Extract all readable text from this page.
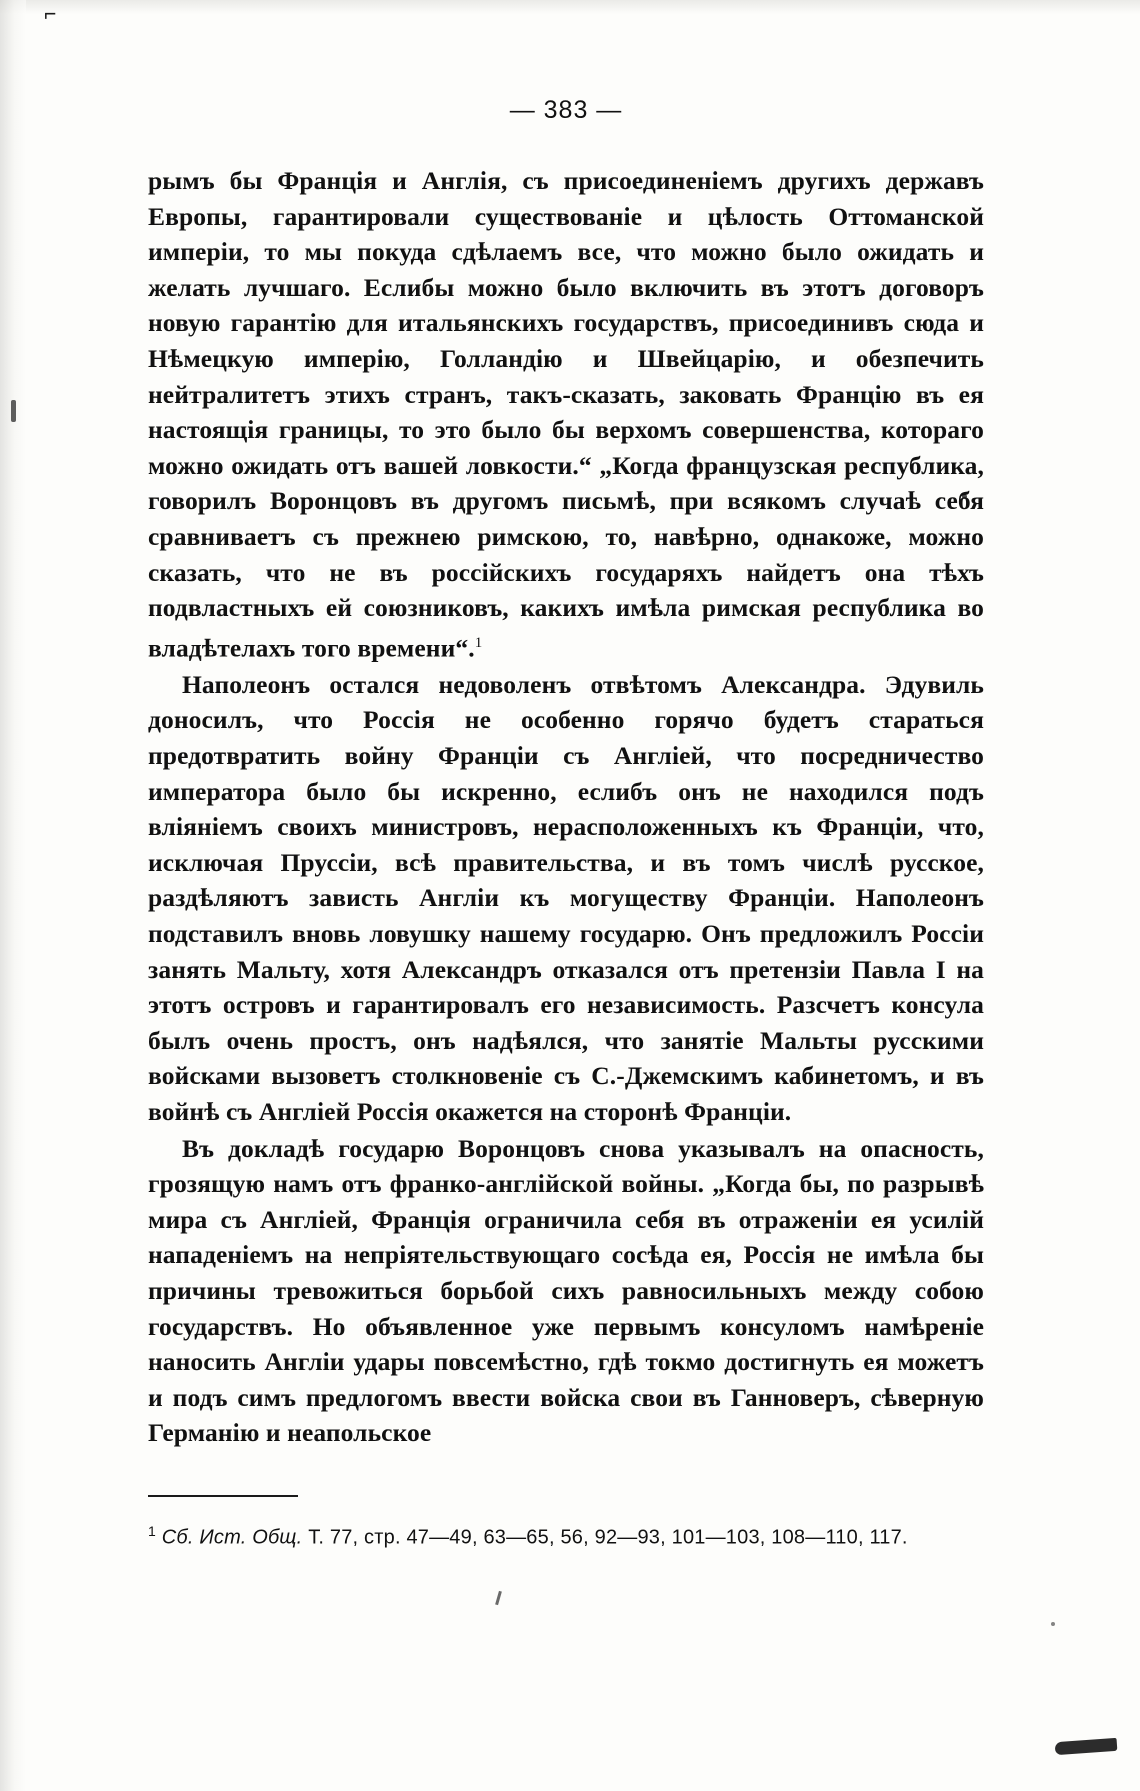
⌐
— 383 —

рымъ бы Франція и Англія, съ присоединеніемъ другихъ державъ Европы, гарантировали существованіе и цѣлость Оттоманской имперіи, то мы покуда сдѣлаемъ все, что можно было ожидать и желать лучшаго. Еслибы можно было включить въ этотъ договоръ новую гарантію для итальянскихъ государствъ, присоединивъ сюда и Нѣмецкую имперію, Голландію и Швейцарію, и обезпечить нейтралитетъ этихъ странъ, такъ-сказать, заковать Францію въ ея настоящія границы, то это было бы верхомъ совершенства, котораго можно ожидать отъ вашей ловкости.“ „Когда французская республика, говорилъ Воронцовъ въ другомъ письмѣ, при всякомъ случаѣ себя сравниваетъ съ прежнею римскою, то, навѣрно, однакоже, можно сказать, что не въ россійскихъ государяхъ найдетъ она тѣхъ подвластныхъ ей союзниковъ, какихъ имѣла римская республика во владѣтелахъ того времени“.$^1$

Наполеонъ остался недоволенъ отвѣтомъ Александра. Эдувиль доносилъ, что Россія не особенно горячо будетъ стараться предотвратить войну Франціи съ Англіей, что посредничество императора было бы искренно, еслибъ онъ не находился подъ вліяніемъ своихъ министровъ, нерасположенныхъ къ Франціи, что, исключая Пруссіи, всѣ правительства, и въ томъ числѣ русское, раздѣляютъ зависть Англіи къ могуществу Франціи. Наполеонъ подставилъ вновь ловушку нашему государю. Онъ предложилъ Россіи занять Мальту, хотя Александръ отказался отъ претензіи Павла I на этотъ островъ и гарантировалъ его независимость. Разсчетъ консула былъ очень простъ, онъ надѣялся, что занятіе Мальты русскими войсками вызоветъ столкновеніе съ С.-Джемскимъ кабинетомъ, и въ войнѣ съ Англіей Россія окажется на сторонѣ Франціи.

Въ докладѣ государю Воронцовъ снова указывалъ на опасность, грозящую намъ отъ франко-англійской войны. „Когда бы, по разрывѣ мира съ Англіей, Франція ограничила себя въ отраженіи ея усилій нападеніемъ на непріятельствующаго сосѣда ея, Россія не имѣла бы причины тревожиться борьбой сихъ равносильныхъ между собою государствъ. Но объявленное уже первымъ консуломъ намѣреніе наносить Англіи удары повсемѣстно, гдѣ токмо достигнуть ея можетъ и подъ симъ предлогомъ ввести войска свои въ Ганноверъ, сѣверную Германію и неапольское

$^1$ Сб. Ист. Общ. Т. 77, стр. 47—49, 63—65, 56, 92—93, 101—103, 108—110, 117.
